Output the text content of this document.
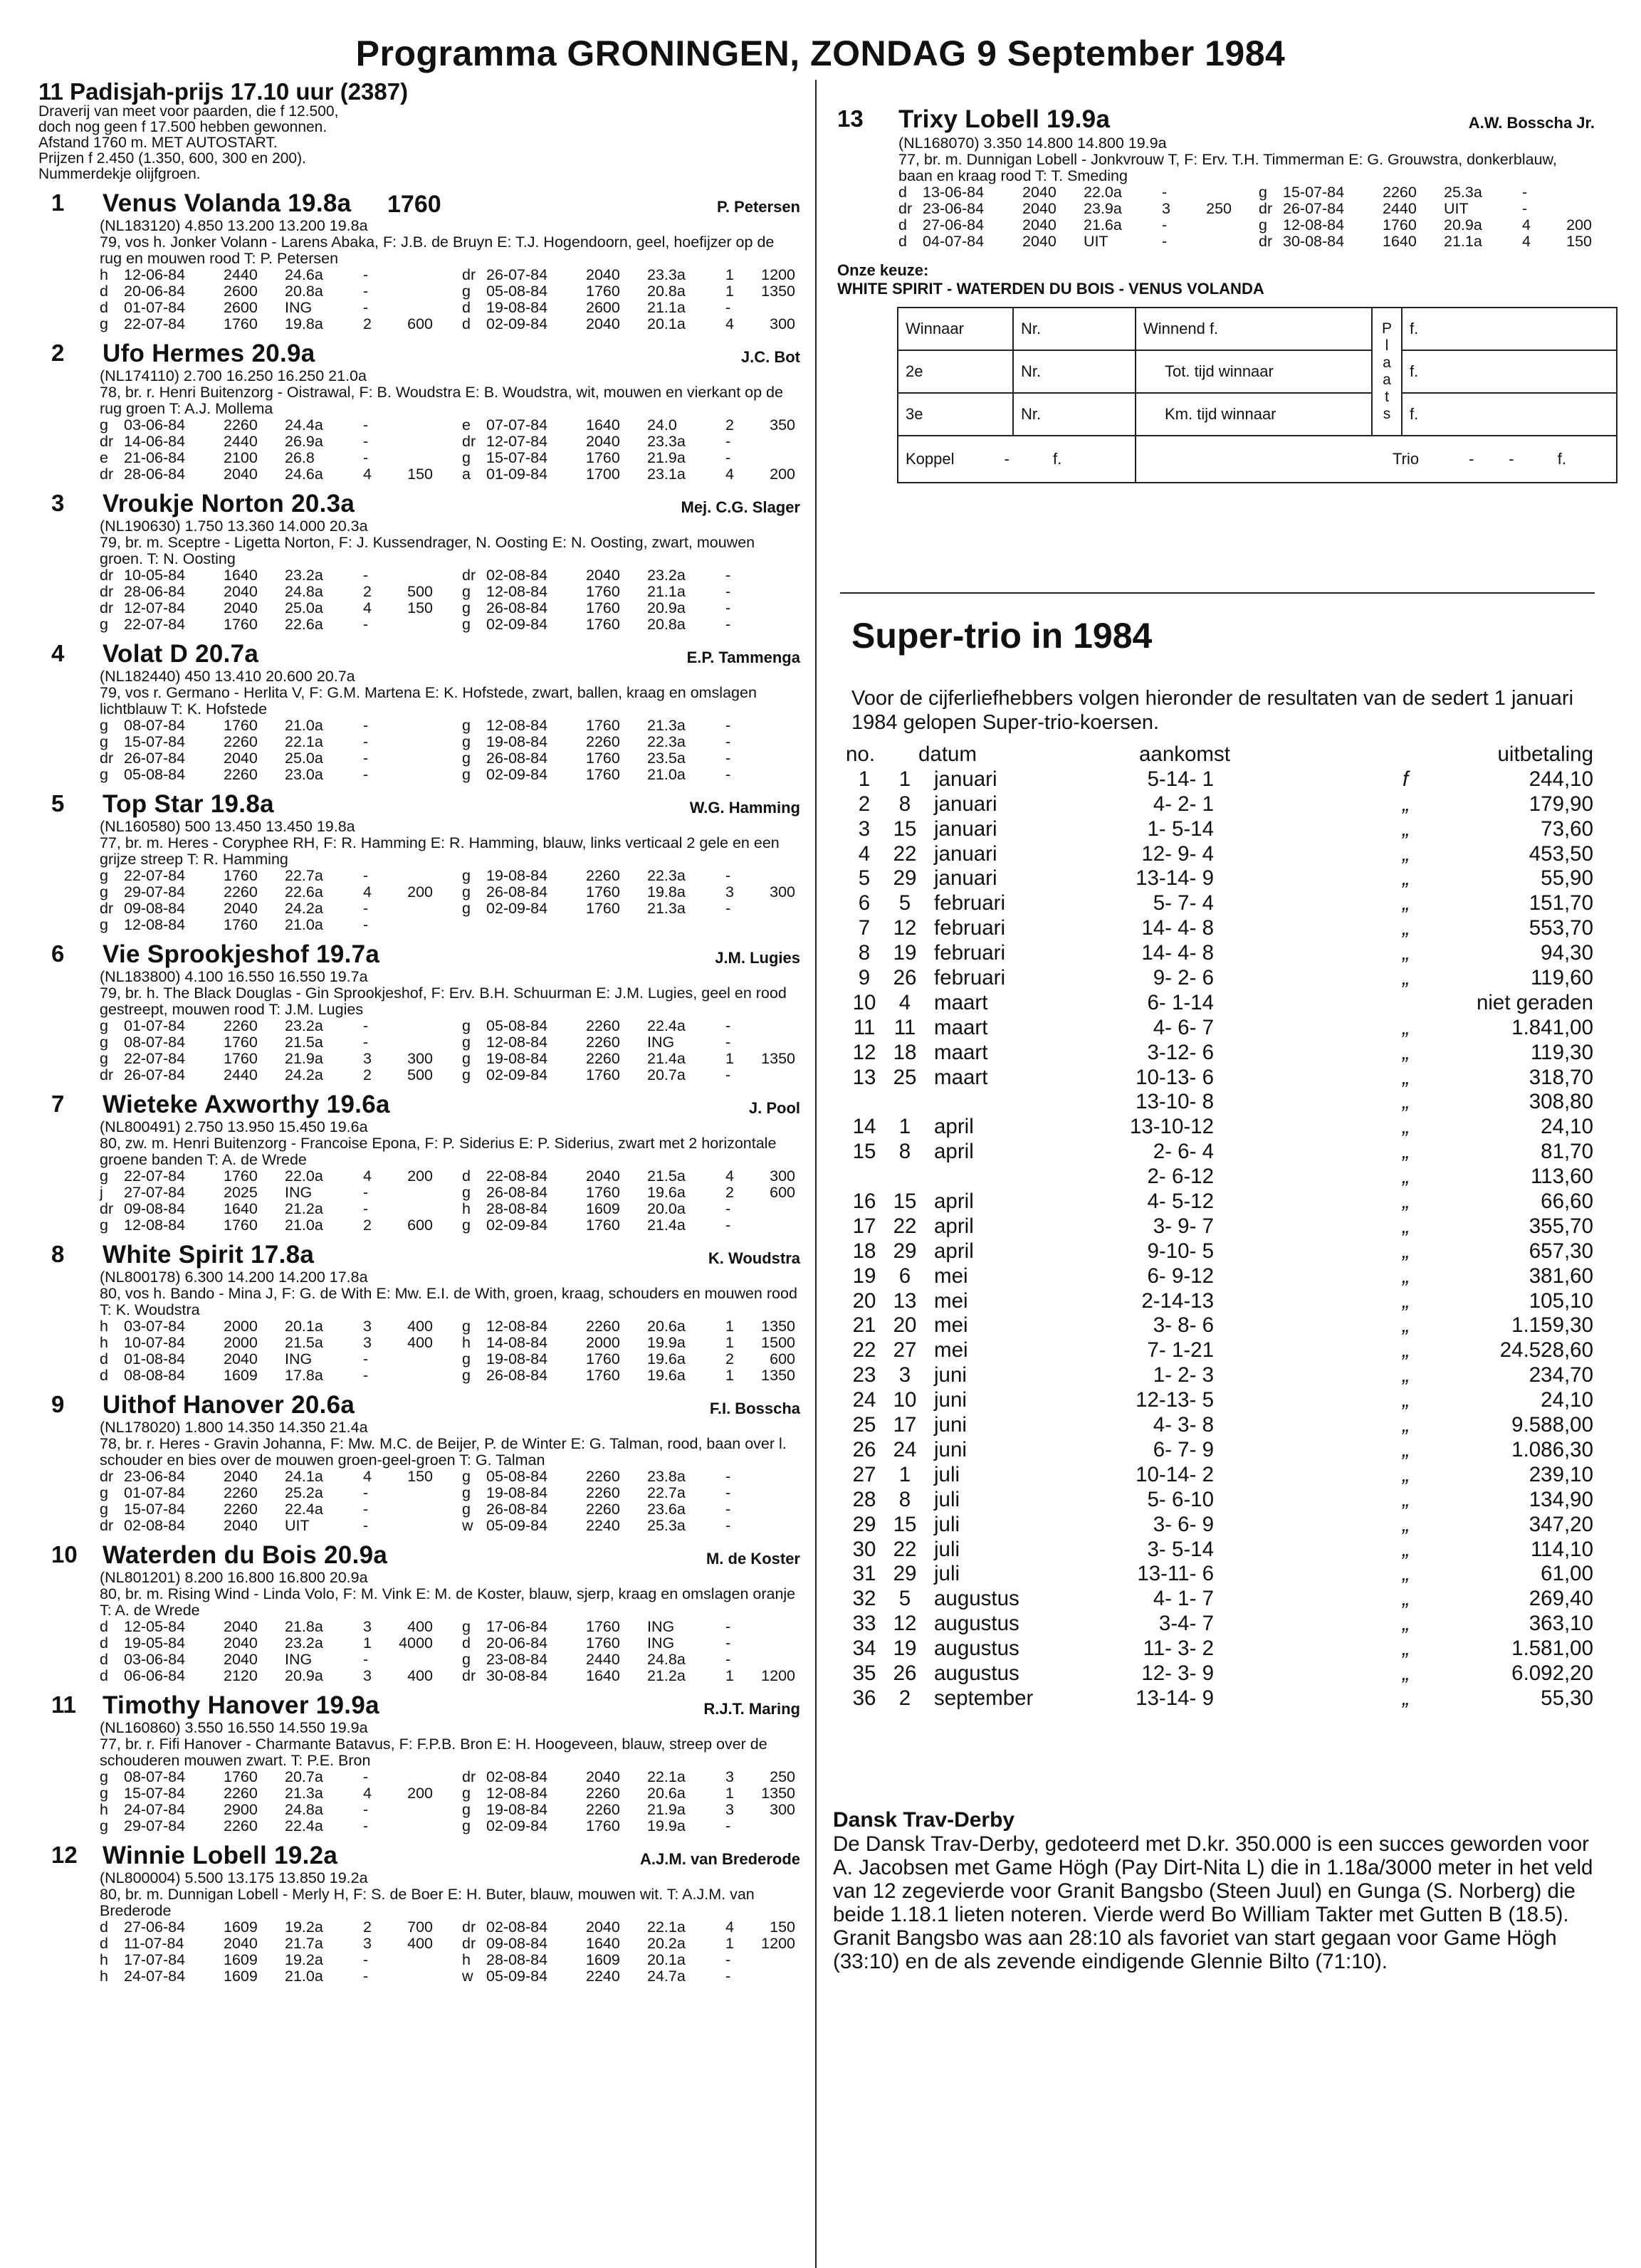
Programma GRONINGEN, ZONDAG 9 September 1984
11 Padisjah-prijs 17.10 uur (2387)
Draverij van meet voor paarden, die f 12.500,
doch nog geen f 17.500 hebben gewonnen.
Afstand 1760 m. MET AUTOSTART.
Prijzen f 2.450 (1.350, 600, 300 en 200).
Nummerdekje olijfgroen.
1760
1 Venus Volanda 19.8a	P. Petersen

(NL183120) 4.850 13.200 13.200 19.8a

79, vos h. Jonker Volann - Larens Abaka, F: J.B. de Bruyn E: T.J. Hogendoorn, geel, hoefijzer op de rug en mouwen rood T: P. Petersen

h	12-06-84	2440	24.6a	-	dr 26-07-84	2040	23.3a	1	1200
d	20-06-84	2600	20.8a	-	g	05-08-84	1760	20.8a	1	1350
d	01-07-84	2600	ING	-	d	19-08-84	2600	21.1a	-
g	22-07-84	1760	19.8a	2	600 d	02-09-84	2040	20.1a	4	300
2 Ufo Hermes 20.9a	J.C. Bot

(NL174110) 2.700 16.250 16.250 21.0a

78, br. r. Henri Buitenzorg - Oistrawal, F: B. Woudstra E: B. Woudstra, wit, mouwen en vierkant op de rug groen T: A.J. Mollema

g	03-06-84	2260	24.4a	-	e	07-07-84	1640	24.0	2	350
dr 14-06-84	2440	26.9a	-	dr 12-07-84	2040	23.3a	-
e	21-06-84	2100	26.8	-	g	15-07-84	1760	21.9a	-
dr 28-06-84	2040	24.6a	4	150 a	01-09-84	1700	23.1a	4	200
3 Vroukje Norton 20.3a	Mej. C.G. Slager

(NL190630) 1.750 13.360 14.000 20.3a

79, br. m. Sceptre - Ligetta Norton, F: J. Kussendrager, N. Oosting E: N. Oosting, zwart, mouwen groen. T: N. Oosting

dr 10-05-84	1640	23.2a	-	dr 02-08-84	2040	23.2a	-
dr 28-06-84	2040	24.8a	2	500 g	12-08-84	1760	21.1a	-
dr 12-07-84	2040	25.0a	4	150 g	26-08-84	1760	20.9a	-
g	22-07-84	1760	22.6a	-	g	02-09-84	1760	20.8a	-
4 Volat D 20.7a	E.P. Tammenga

(NL182440) 450 13.410 20.600 20.7a

79, vos r. Germano - Herlita V, F: G.M. Martena E: K. Hofstede, zwart, ballen, kraag en omslagen lichtblauw T: K. Hofstede

g	08-07-84	1760	21.0a	-	g	12-08-84	1760	21.3a	-
g	15-07-84	2260	22.1a	-	g	19-08-84	2260	22.3a	-
dr 26-07-84	2040	25.0a	-	g	26-08-84	1760	23.5a	-
g	05-08-84	2260	23.0a	-	g	02-09-84	1760	21.0a	-
5 Top Star 19.8a	W.G. Hamming

(NL160580) 500 13.450 13.450 19.8a

77, br. m. Heres - Coryphee RH, F: R. Hamming E: R. Hamming, blauw, links verticaal 2 gele en een grijze streep T: R. Hamming

g	22-07-84	1760	22.7a	-	g	19-08-84	2260	22.3a	-
g	29-07-84	2260	22.6a	4	200 g	26-08-84	1760	19.8a	3	300
dr 09-08-84	2040	24.2a	-	g	02-09-84	1760	21.3a	-
g	12-08-84	1760	21.0a	-
6 Vie Sprookjeshof 19.7a	J.M. Lugies

(NL183800) 4.100 16.550 16.550 19.7a

79, br. h. The Black Douglas - Gin Sprookjeshof, F: Erv. B.H. Schuurman E: J.M. Lugies, geel en rood gestreept, mouwen rood T: J.M. Lugies

g	01-07-84	2260	23.2a	-	g	05-08-84	2260	22.4a	-
g	08-07-84	1760	21.5a	-	g	12-08-84	2260	ING	-
g	22-07-84	1760	21.9a	3	300 g	19-08-84	2260	21.4a	1	1350
dr 26-07-84	2440	24.2a	2	500 g	02-09-84	1760	20.7a	-
7 Wieteke Axworthy 19.6a	J. Pool

(NL800491) 2.750 13.950 15.450 19.6a

80, zw. m. Henri Buitenzorg - Francoise Epona, F: P. Siderius E: P. Siderius, zwart met 2 horizontale groene banden T: A. de Wrede

g	22-07-84	1760	22.0a	4	200 d	22-08-84	2040	21.5a	4	300
j	27-07-84	2025	ING	-	g	26-08-84	1760	19.6a	2	600
dr 09-08-84	1640	21.2a	-	h	28-08-84	1609	20.0a	-
g	12-08-84	1760	21.0a	2	600 g	02-09-84	1760	21.4a	-
8 White Spirit 17.8a	K. Woudstra

(NL800178) 6.300 14.200 14.200 17.8a

80, vos h. Bando - Mina J, F: G. de With E: Mw. E.I. de With, groen, kraag, schouders en mouwen rood T: K. Woudstra

h	03-07-84	2000	20.1a	3	400 g	12-08-84	2260	20.6a	1	1350
h	10-07-84	2000	21.5a	3	400 h	14-08-84	2000	19.9a	1	1500
d	01-08-84	2040	ING	-	g	19-08-84	1760	19.6a	2	600
d	08-08-84	1609	17.8a	-	g	26-08-84	1760	19.6a	1	1350
9 Uithof Hanover 20.6a	F.I. Bosscha

(NL178020) 1.800 14.350 14.350 21.4a

78, br. r. Heres - Gravin Johanna, F: Mw. M.C. de Beijer, P. de Winter E: G. Talman, rood, baan over l. schouder en bies over de mouwen groen-geel-groen T: G. Talman

dr 23-06-84	2040	24.1a	4	150 g	05-08-84	2260	23.8a	-
g	01-07-84	2260	25.2a	-	g	19-08-84	2260	22.7a	-
g	15-07-84	2260	22.4a	-	g	26-08-84	2260	23.6a	-
dr 02-08-84	2040	UIT	-	w 05-09-84	2240	25.3a	-
10 Waterden du Bois 20.9a	M. de Koster

(NL801201) 8.200 16.800 16.800 20.9a

80, br. m. Rising Wind - Linda Volo, F: M. Vink E: M. de Koster, blauw, sjerp, kraag en omslagen oranje T: A. de Wrede

d	12-05-84	2040	21.8a	3	400 g	17-06-84	1760	ING	-
d	19-05-84	2040	23.2a	1	4000 d	20-06-84	1760	ING	-
d	03-06-84	2040	ING	-	g	23-08-84	2440	24.8a	-
d	06-06-84	2120	20.9a	3	400 dr 30-08-84	1640	21.2a	1	1200
11 Timothy Hanover 19.9a	R.J.T. Maring

(NL160860) 3.550 16.550 14.550 19.9a

77, br. r. Fifi Hanover - Charmante Batavus, F: F.P.B. Bron E: H. Hoogeveen, blauw, streep over de schouderen mouwen zwart. T: P.E. Bron

g	08-07-84	1760	20.7a	-	dr 02-08-84	2040	22.1a	3	250
g	15-07-84	2260	21.3a	4	200 g	12-08-84	2260	20.6a	1	1350
h	24-07-84	2900	24.8a	-	g	19-08-84	2260	21.9a	3	300
g	29-07-84	2260	22.4a	-	g	02-09-84	1760	19.9a	-
12 Winnie Lobell 19.2a	A.J.M. van Brederode

(NL800004) 5.500 13.175 13.850 19.2a

80, br. m. Dunnigan Lobell - Merly H, F: S. de Boer E: H. Buter, blauw, mouwen wit. T: A.J.M. van Brederode

d	27-06-84	1609	19.2a	2	700 dr 02-08-84	2040	22.1a	4	150
d	11-07-84	2040	21.7a	3	400 dr 09-08-84	1640	20.2a	1	1200
h	17-07-84	1609	19.2a	-	h	28-08-84	1609	20.1a	-
h	24-07-84	1609	21.0a	-	w 05-09-84	2240	24.7a	-
13 Trixy Lobell 19.9a	A.W. Bosscha Jr.

(NL168070) 3.350 14.800 14.800 19.9a

77, br. m. Dunnigan Lobell - Jonkvrouw T, F: Erv. T.H. Timmerman E: G. Grouwstra, donkerblauw, baan en kraag rood T: T. Smeding

d	13-06-84	2040	22.0a	-	g	15-07-84	2260	25.3a	-
dr 23-06-84	2040	23.9a	3	250 dr 26-07-84	2440	UIT	-
d	27-06-84	2040	21.6a	-	g	12-08-84	1760	20.9a	4	200
d	04-07-84	2040	UIT	-	dr 30-08-84	1640	21.1a	4	150
Onze keuze:
WHITE SPIRIT - WATERDEN DU BOIS - VENUS VOLANDA
Winnaar	Nr.	Winnend f.	P l a a t s	f.
2e	Nr.	Tot. tijd winnaar		f.
3e	Nr.	Km. tijd winnaar		f.
Koppel -          f.		Trio -        -          f.		
Super-trio in 1984
Voor de cijferliefhebbers volgen hieronder de resultaten van de sedert 1 januari 1984 gelopen Super-trio-koersen.
no.	datum	aankomst	uitbetaling
1	1	januari	5-14- 1	f	244,10
2	8	januari	4- 2- 1	„	179,90
3	15 januari	1- 5-14	„	73,60
4	22 januari	12- 9- 4	„	453,50
5	29 januari	13-14- 9	„	55,90
6	5	februari	5- 7- 4	„	151,70
7	12 februari	14- 4- 8	„	553,70
8	19 februari	14- 4- 8	„	94,30
9	26 februari	9- 2- 6	„	119,60
10	4	maart	6- 1-14	niet geraden
11 11 maart	4- 6- 7	„	1.841,00
12 18 maart	3-12- 6	„	119,30
13 25 maart	10-13- 6	„	318,70
13-10- 8	„	308,80
14	1	april	13-10-12	„	24,10
15	8	april	2- 6- 4	„	81,70
2- 6-12	„	113,60
16 15 april	4- 5-12	„	66,60
17 22 april	3- 9- 7	„	355,70
18 29 april	9-10- 5	„	657,30
19	6	mei	6- 9-12	„	381,60
20 13 mei	2-14-13	„	105,10
21 20 mei	3- 8- 6	„	1.159,30
22 27 mei	7- 1-21	„	24.528,60
23	3	juni	1- 2- 3	„	234,70
24 10 juni	12-13- 5	„	24,10
25 17 juni	4- 3- 8	„	9.588,00
26 24 juni	6- 7- 9	„	1.086,30
27	1	juli	10-14- 2	„	239,10
28	8	juli	5- 6-10	„	134,90
29 15 juli	3- 6- 9	„	347,20
30 22 juli	3- 5-14	„	114,10
31 29 juli	13-11- 6	„	61,00
32	5	augustus	4- 1- 7	„	269,40
33 12 augustus	3-4- 7	„	363,10
34 19 augustus	11- 3- 2	„	1.581,00
35 26 augustus	12- 3- 9	„	6.092,20
36	2	september	13-14- 9	„	55,30
Dansk Trav-Derby

De Dansk Trav-Derby, gedoteerd met D.kr. 350.000 is een succes geworden voor A. Jacobsen met Game Högh (Pay Dirt-Nita L) die in 1.18a/3000 meter in het veld van 12 zegevierde voor Granit Bangsbo (Steen Juul) en Gunga (S. Norberg) die beide 1.18.1 lieten noteren. Vierde werd Bo William Takter met Gutten B (18.5). Granit Bangsbo was aan 28:10 als favoriet van start gegaan voor Game Högh (33:10) en de als zevende eindigende Glennie Bilto (71:10).
